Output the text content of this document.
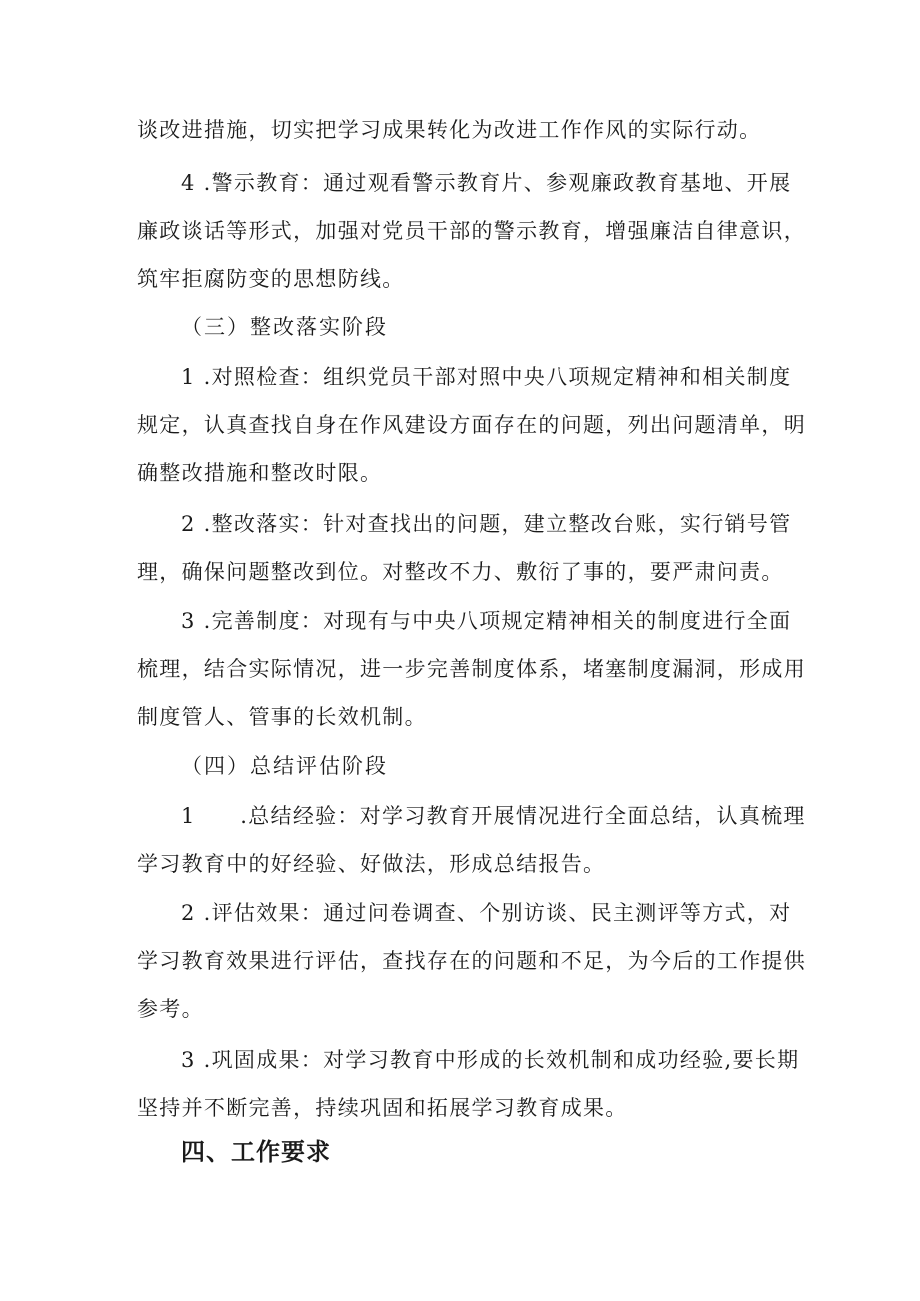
谈改进措施，切实把学习成果转化为改进工作作风的实际行动。
4 .警示教育：通过观看警示教育片、参观廉政教育基地、开展
廉政谈话等形式，加强对党员干部的警示教育，增强廉洁自律意识，
筑牢拒腐防变的思想防线。
（三）整改落实阶段
1 .对照检查：组织党员干部对照中央八项规定精神和相关制度
规定，认真查找自身在作风建设方面存在的问题，列出问题清单，明
确整改措施和整改时限。
2 .整改落实：针对查找出的问题，建立整改台账，实行销号管
理，确保问题整改到位。对整改不力、敷衍了事的，要严肃问责。
3 .完善制度：对现有与中央八项规定精神相关的制度进行全面
梳理，结合实际情况，进一步完善制度体系，堵塞制度漏洞，形成用
制度管人、管事的长效机制。
（四）总结评估阶段
1　　.总结经验：对学习教育开展情况进行全面总结，认真梳理
学习教育中的好经验、好做法，形成总结报告。
2 .评估效果：通过问卷调查、个别访谈、民主测评等方式，对
学习教育效果进行评估，查找存在的问题和不足，为今后的工作提供
参考。
3 .巩固成果：对学习教育中形成的长效机制和成功经验,要长期
坚持并不断完善，持续巩固和拓展学习教育成果。
四、工作要求
